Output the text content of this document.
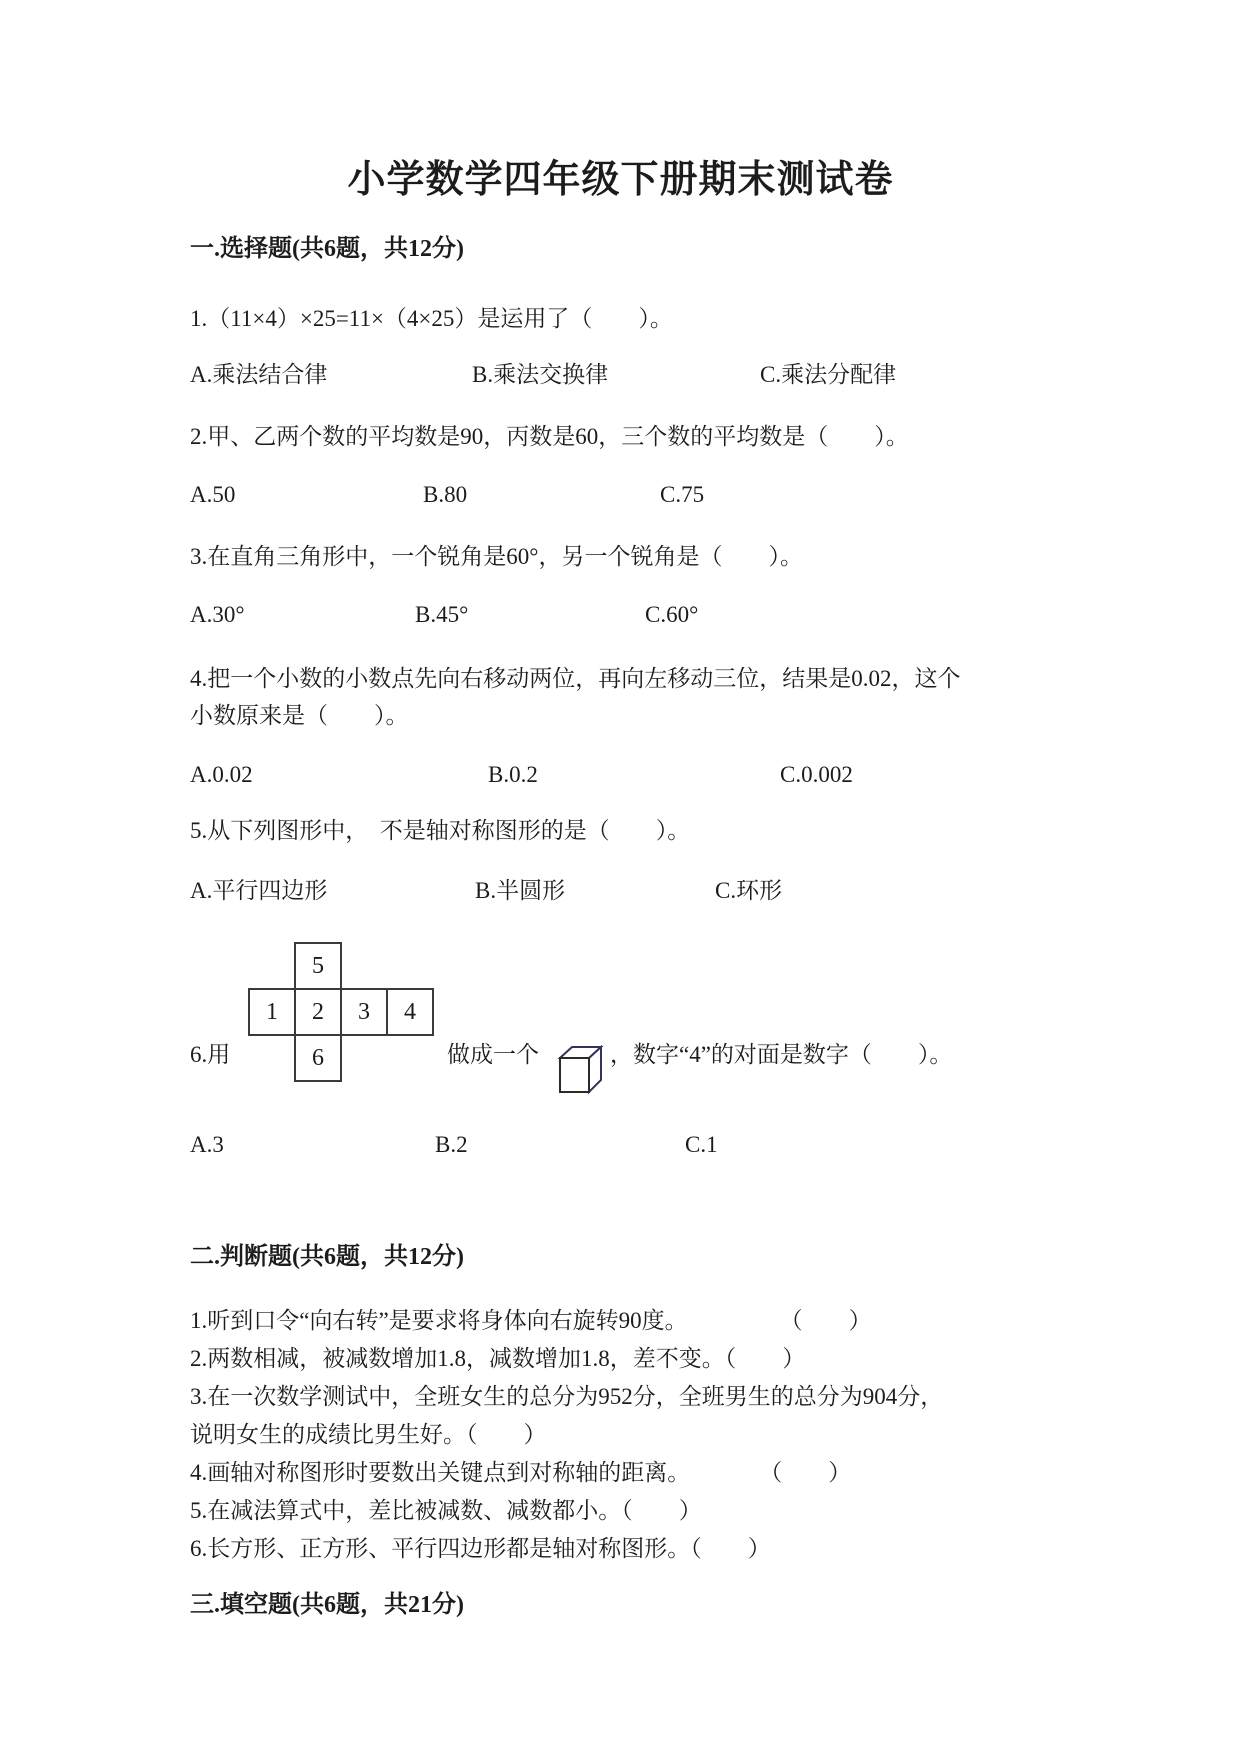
小学数学四年级下册期末测试卷
一.选择题(共6题，共12分)
1.（11×4）×25=11×（4×25）是运用了（　　）。
A.乘法结合律	B.乘法交换律	C.乘法分配律
2.甲、乙两个数的平均数是90，丙数是60，三个数的平均数是（　　）。
A.50	B.80	C.75
3.在直角三角形中，一个锐角是60°，另一个锐角是（　　）。
A.30°	B.45°	C.60°
4.把一个小数的小数点先向右移动两位，再向左移动三位，结果是0.02，这个
小数原来是（　　）。
A.0.02	B.0.2	C.0.002
5.从下列图形中，　不是轴对称图形的是（　　）。
A.平行四边形	B.半圆形	C.环形
5
1	2	3	4
6
6.用	做成一个	，数字“4”的对面是数字（　　）。
A.3	B.2	C.1
二.判断题(共6题，共12分)
1.听到口令“向右转”是要求将身体向右旋转90度。　　　　　（　　）
2.两数相减，被减数增加1.8，减数增加1.8，差不变。（　　）
3.在一次数学测试中，全班女生的总分为952分，全班男生的总分为904分，
说明女生的成绩比男生好。（　　）
4.画轴对称图形时要数出关键点到对称轴的距离。　　　　（　　）
5.在减法算式中，差比被减数、减数都小。（　　）
6.长方形、正方形、平行四边形都是轴对称图形。（　　）
三.填空题(共6题，共21分)
